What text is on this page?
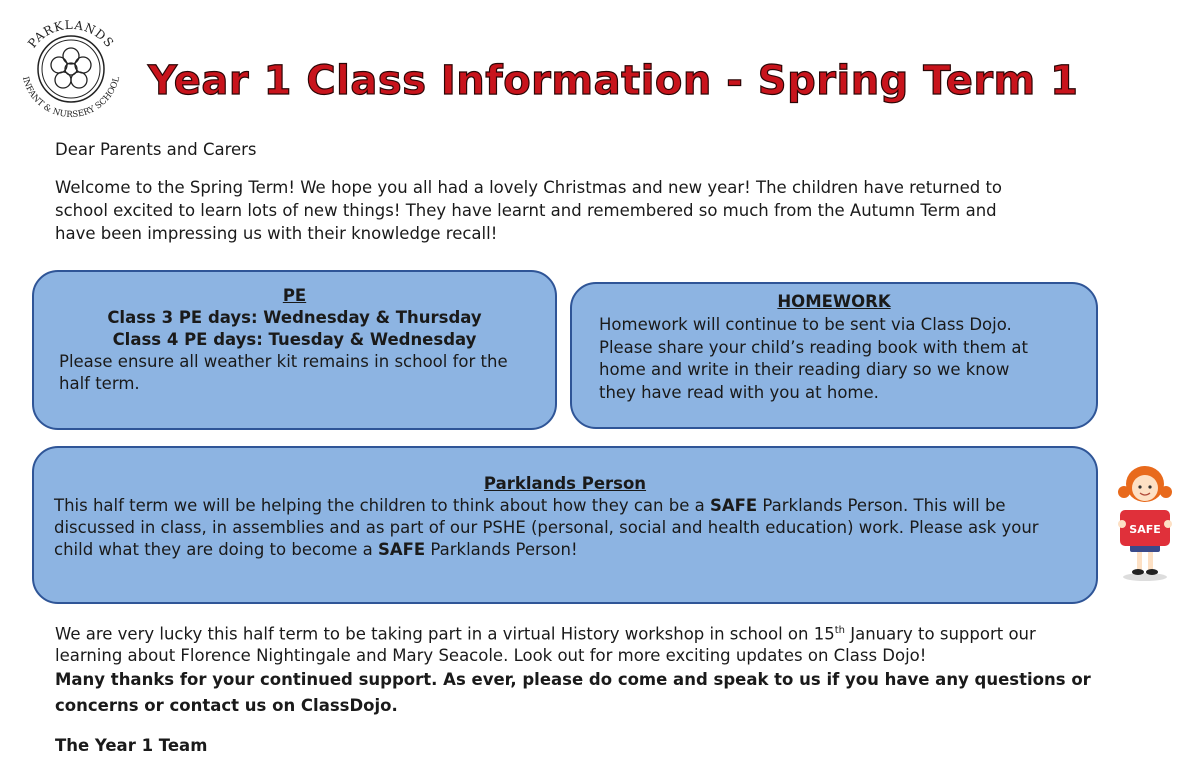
PARKLANDS
INFANT & NURSERY SCHOOL Year 1 Class Information - Spring Term 1
Dear Parents and Carers
Welcome to the Spring Term! We hope you all had a lovely Christmas and new year! The children have returned to
school excited to learn lots of new things! They have learnt and remembered so much from the Autumn Term and
have been impressing us with their knowledge recall!
PE
Class 3 PE days: Wednesday & Thursday
Class 4 PE days: Tuesday & Wednesday
Please ensure all weather kit remains in school for the
half term.
HOMEWORK
Homework will continue to be sent via Class Dojo.
Please share your child’s reading book with them at
home and write in their reading diary so we know
they have read with you at home.
Parklands Person
This half term we will be helping the children to think about how they can be a SAFE Parklands Person. This will be
discussed in class, in assemblies and as part of our PSHE (personal, social and health education) work. Please ask your
child what they are doing to become a SAFE Parklands Person!
SAFE
We are very lucky this half term to be taking part in a virtual History workshop in school on 15th January to support our
learning about Florence Nightingale and Mary Seacole. Look out for more exciting updates on Class Dojo!
Many thanks for your continued support. As ever, please do come and speak to us if you have any questions or
concerns or contact us on ClassDojo.
The Year 1 Team
